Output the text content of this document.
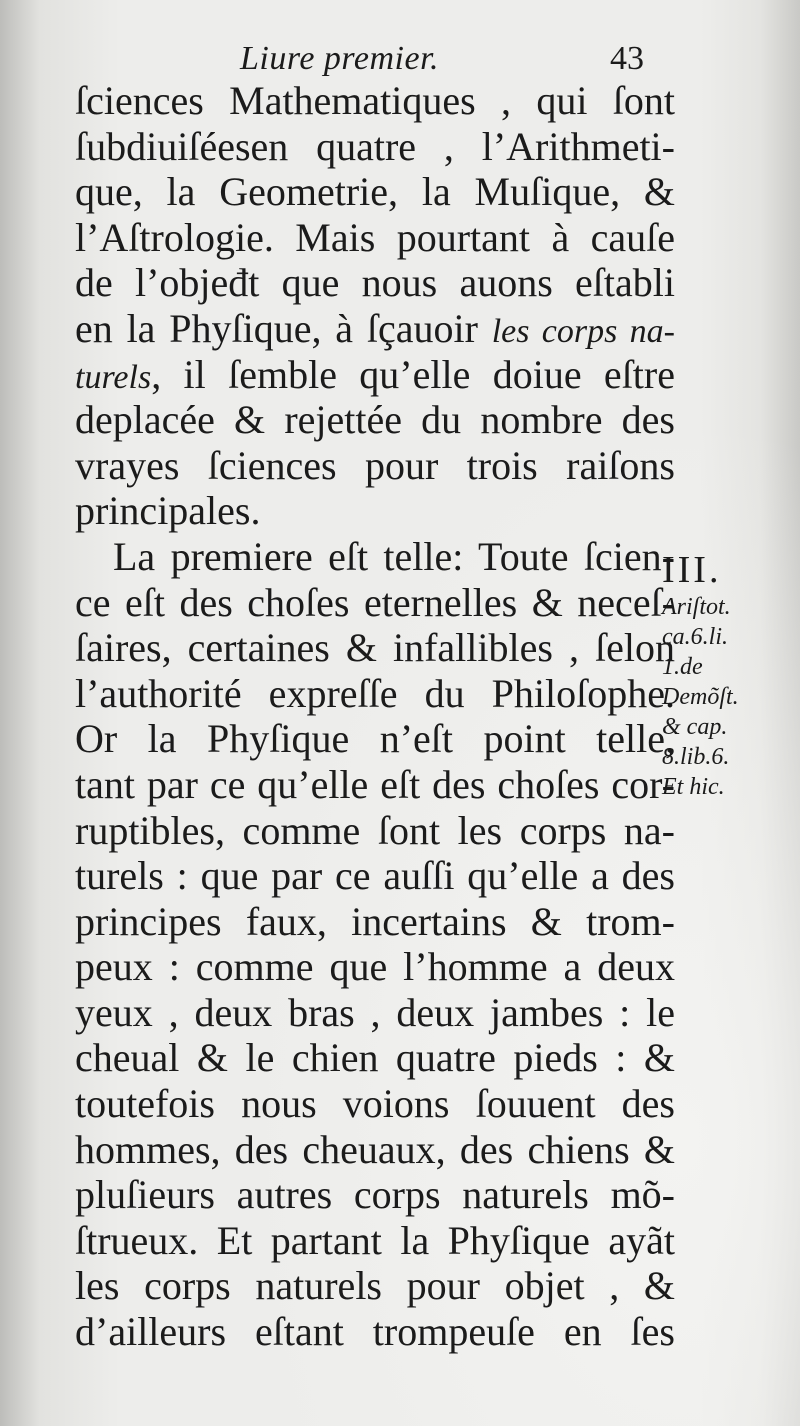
Liure premier.	43
ſciences Mathematiques , qui ſont
ſubdiuiſéesen quatre , l’Arithmeti-
que, la Geometrie, la Muſique, &
l’Aſtrologie. Mais pourtant à cauſe
de l’objeđt que nous auons eſtabli
en la Phyſique, à ſçauoir les corps na-
turels, il ſemble qu’elle doiue eſtre
deplacée & rejettée du nombre des
vrayes ſciences pour trois raiſons
principales.
La premiere eſt telle: Toute ſcien-
ce eſt des choſes eternelles & neceſ-
ſaires, certaines & infallibles , ſelon
l’authorité expreſſe du Philoſophe.
Or la Phyſique n’eſt point telle,
tant par ce qu’elle eſt des choſes cor-
ruptibles, comme ſont les corps na-
turels : que par ce auſſi qu’elle a des
principes faux, incertains & trom-
peux : comme que l’homme a deux
yeux , deux bras , deux jambes : le
cheual & le chien quatre pieds : &
toutefois nous voions ſouuent des
hommes, des cheuaux, des chiens &
pluſieurs autres corps naturels mõ-
ſtrueux. Et partant la Phyſique ayãt
les corps naturels pour objet , &
d’ailleurs eſtant trompeuſe en ſes
III.
Ariſtot.
ca.6.li.
1.de
Demõſt.
& cap.
8.lib.6.
Et hic.
